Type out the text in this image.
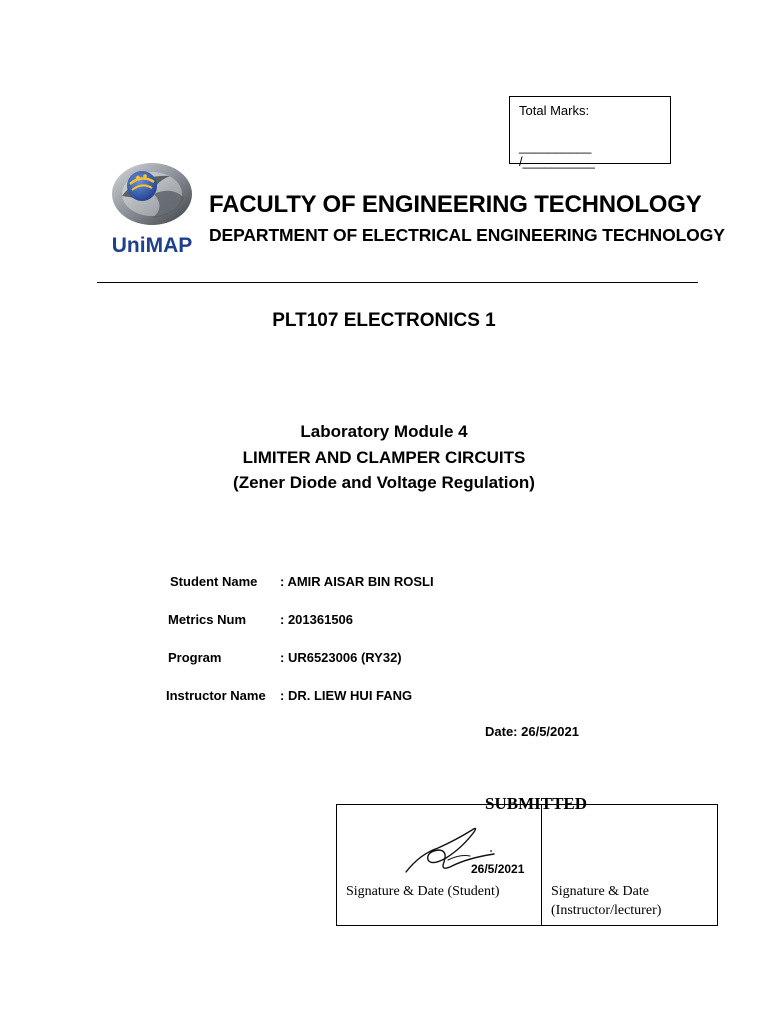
Total Marks:
__________ /__________
UniMAP
FACULTY OF ENGINEERING TECHNOLOGY
DEPARTMENT OF ELECTRICAL ENGINEERING TECHNOLOGY
PLT107 ELECTRONICS 1
Laboratory Module 4
LIMITER AND CLAMPER CIRCUITS
(Zener Diode and Voltage Regulation)
Student Name : AMIR AISAR BIN ROSLI
Metrics Num	: 201361506
Program	: UR6523006 (RY32)
Instructor Name : DR. LIEW HUI FANG
Date: 26/5/2021
SUBMITTED
26/5/2021
Signature & Date (Student)	Signature & Date (Instructor/lecturer)
